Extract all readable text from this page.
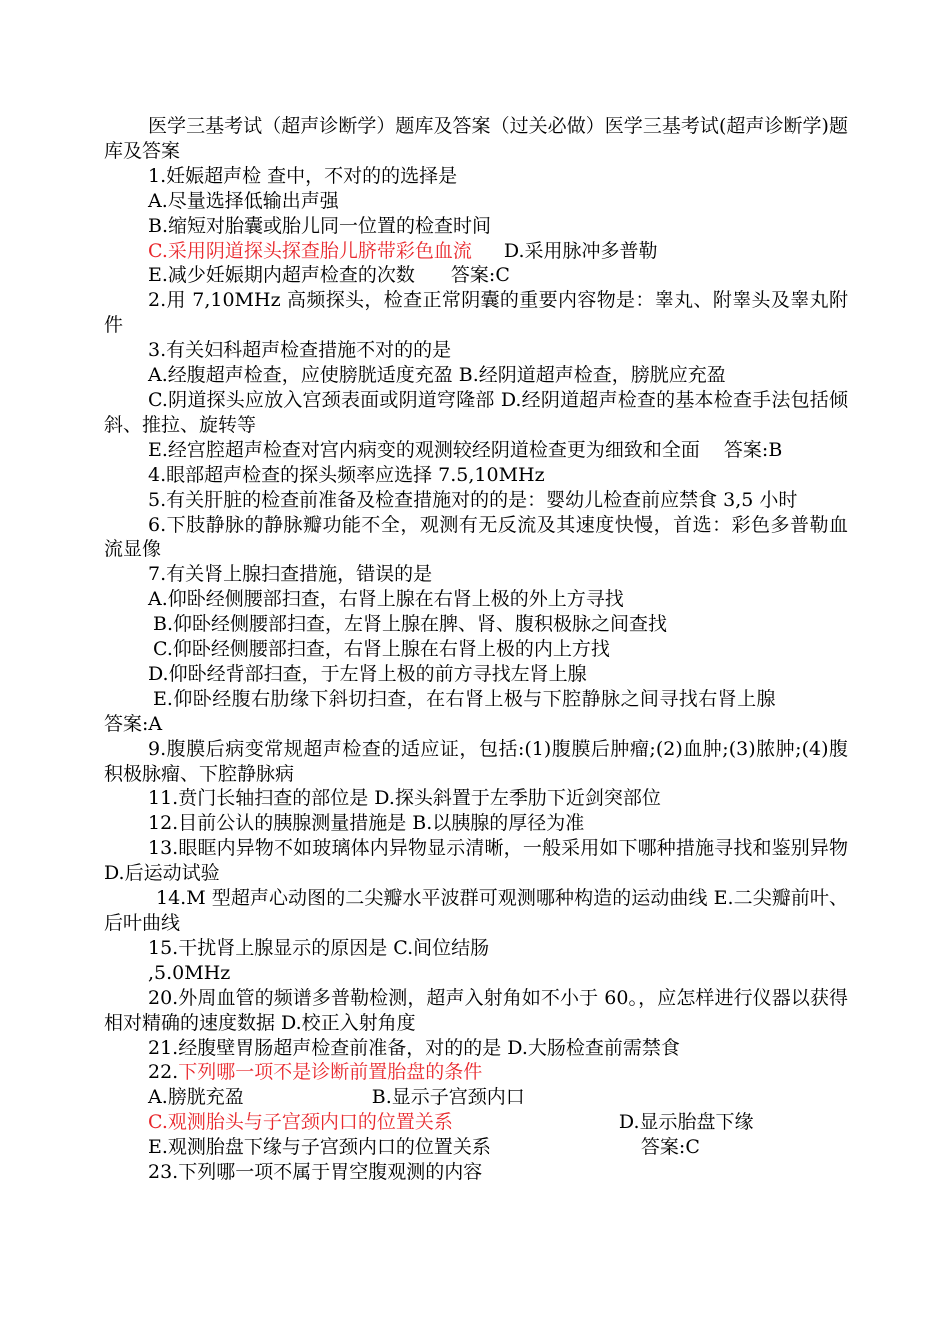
医学三基考试（超声诊断学）题库及答案（过关必做）医学三基考试(超声诊断学)题库及答案

1.妊娠超声检 查中，不对的的选择是

A.尽量选择低输出声强

B.缩短对胎囊或胎儿同一位置的检查时间

C.采用阴道探头探查胎儿脐带彩色血流 D.采用脉冲多普勒

E.减少妊娠期内超声检查的次数 答案:C

2.用 7,10MHz 高频探头，检查正常阴囊的重要内容物是：睾丸、附睾头及睾丸附件

3.有关妇科超声检查措施不对的的是

A.经腹超声检查，应使膀胱适度充盈 B.经阴道超声检查，膀胱应充盈

C.阴道探头应放入宫颈表面或阴道穹隆部 D.经阴道超声检查的基本检查手法包括倾斜、推拉、旋转等

E.经宫腔超声检查对宫内病变的观测较经阴道检查更为细致和全面 答案:B

4.眼部超声检查的探头频率应选择 7.5,10MHz

5.有关肝脏的检查前准备及检查措施对的的是：婴幼儿检查前应禁食 3,5 小时

6.下肢静脉的静脉瓣功能不全，观测有无反流及其速度快慢，首选：彩色多普勒血流显像

7.有关肾上腺扫查措施，错误的是

A.仰卧经侧腰部扫查，右肾上腺在右肾上极的外上方寻找

B.仰卧经侧腰部扫查，左肾上腺在脾、肾、腹积极脉之间查找

C.仰卧经侧腰部扫查，右肾上腺在右肾上极的内上方找

D.仰卧经背部扫查，于左肾上极的前方寻找左肾上腺

E.仰卧经腹右肋缘下斜切扫查，在右肾上极与下腔静脉之间寻找右肾上腺答案:A

9.腹膜后病变常规超声检查的适应证，包括:(1)腹膜后肿瘤;(2)血肿;(3)脓肿;(4)腹积极脉瘤、下腔静脉病

11.贲门长轴扫查的部位是 D.探头斜置于左季肋下近剑突部位

12.目前公认的胰腺测量措施是 B.以胰腺的厚径为准

13.眼眶内异物不如玻璃体内异物显示清晰，一般采用如下哪种措施寻找和鉴别异物 D.后运动试验

14.M 型超声心动图的二尖瓣水平波群可观测哪种构造的运动曲线 E.二尖瓣前叶、后叶曲线

15.干扰肾上腺显示的原因是 C.间位结肠

,5.0MHz

20.外周血管的频谱多普勒检测，超声入射角如不小于 60。，应怎样进行仪器以获得相对精确的速度数据 D.校正入射角度

21.经腹壁胃肠超声检查前准备，对的的是 D.大肠检查前需禁食

22.下列哪一项不是诊断前置胎盘的条件

A.膀胱充盈	B.显示子宫颈内口

C.观测胎头与子宫颈内口的位置关系	D.显示胎盘下缘

E.观测胎盘下缘与子宫颈内口的位置关系	答案:C

23.下列哪一项不属于胃空腹观测的内容
